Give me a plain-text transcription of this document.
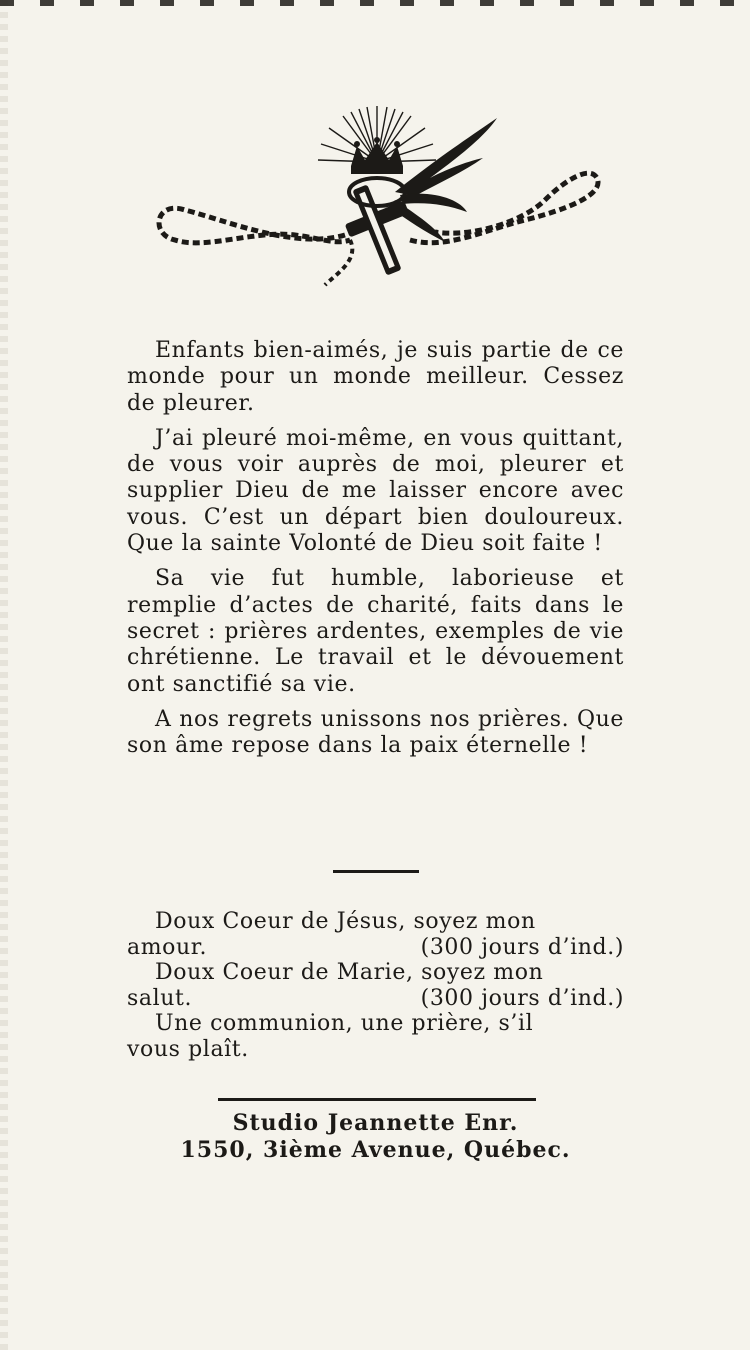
Enfants bien-aimés, je suis partie de ce monde pour un monde meilleur. Cessez de pleurer.

J’ai pleuré moi-même, en vous quittant, de vous voir auprès de moi, pleurer et supplier Dieu de me laisser encore avec vous. C’est un départ bien douloureux. Que la sainte Volonté de Dieu soit faite !

Sa vie fut humble, laborieuse et remplie d’actes de charité, faits dans le secret : prières ardentes, exemples de vie chrétienne. Le travail et le dévouement ont sanctifié sa vie.

A nos regrets unissons nos prières. Que son âme repose dans la paix éternelle !

Doux Coeur de Jésus, soyez mon
amour.	(300 jours d’ind.)
Doux Coeur de Marie, soyez mon
salut.	(300 jours d’ind.)
Une communion, une prière, s’il
vous plaît.
Studio Jeannette Enr.
1550, 3ième Avenue, Québec.
